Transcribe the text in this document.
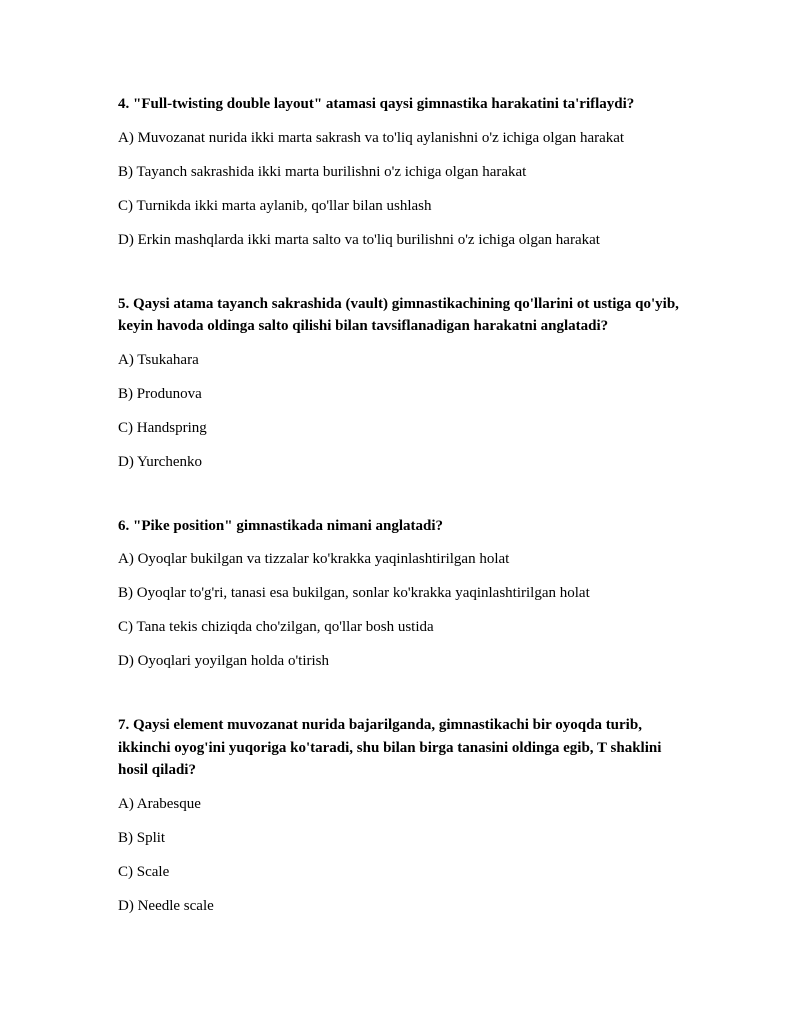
4. "Full-twisting double layout" atamasi qaysi gimnastika harakatini ta'riflaydi?
A) Muvozanat nurida ikki marta sakrash va to'liq aylanishni o'z ichiga olgan harakat
B) Tayanch sakrashida ikki marta burilishni o'z ichiga olgan harakat
C) Turnikda ikki marta aylanib, qo'llar bilan ushlash
D) Erkin mashqlarda ikki marta salto va to'liq burilishni o'z ichiga olgan harakat
5. Qaysi atama tayanch sakrashida (vault) gimnastikachining qo'llarini ot ustiga qo'yib, keyin havoda oldinga salto qilishi bilan tavsiflanadigan harakatni anglatadi?
A) Tsukahara
B) Produnova
C) Handspring
D) Yurchenko
6. "Pike position" gimnastikada nimani anglatadi?
A) Oyoqlar bukilgan va tizzalar ko'krakka yaqinlashtirilgan holat
B) Oyoqlar to'g'ri, tanasi esa bukilgan, sonlar ko'krakka yaqinlashtirilgan holat
C) Tana tekis chiziqda cho'zilgan, qo'llar bosh ustida
D) Oyoqlari yoyilgan holda o'tirish
7. Qaysi element muvozanat nurida bajarilganda, gimnastikachi bir oyoqda turib, ikkinchi oyog'ini yuqoriga ko'taradi, shu bilan birga tanasini oldinga egib, T shaklini hosil qiladi?
A) Arabesque
B) Split
C) Scale
D) Needle scale
